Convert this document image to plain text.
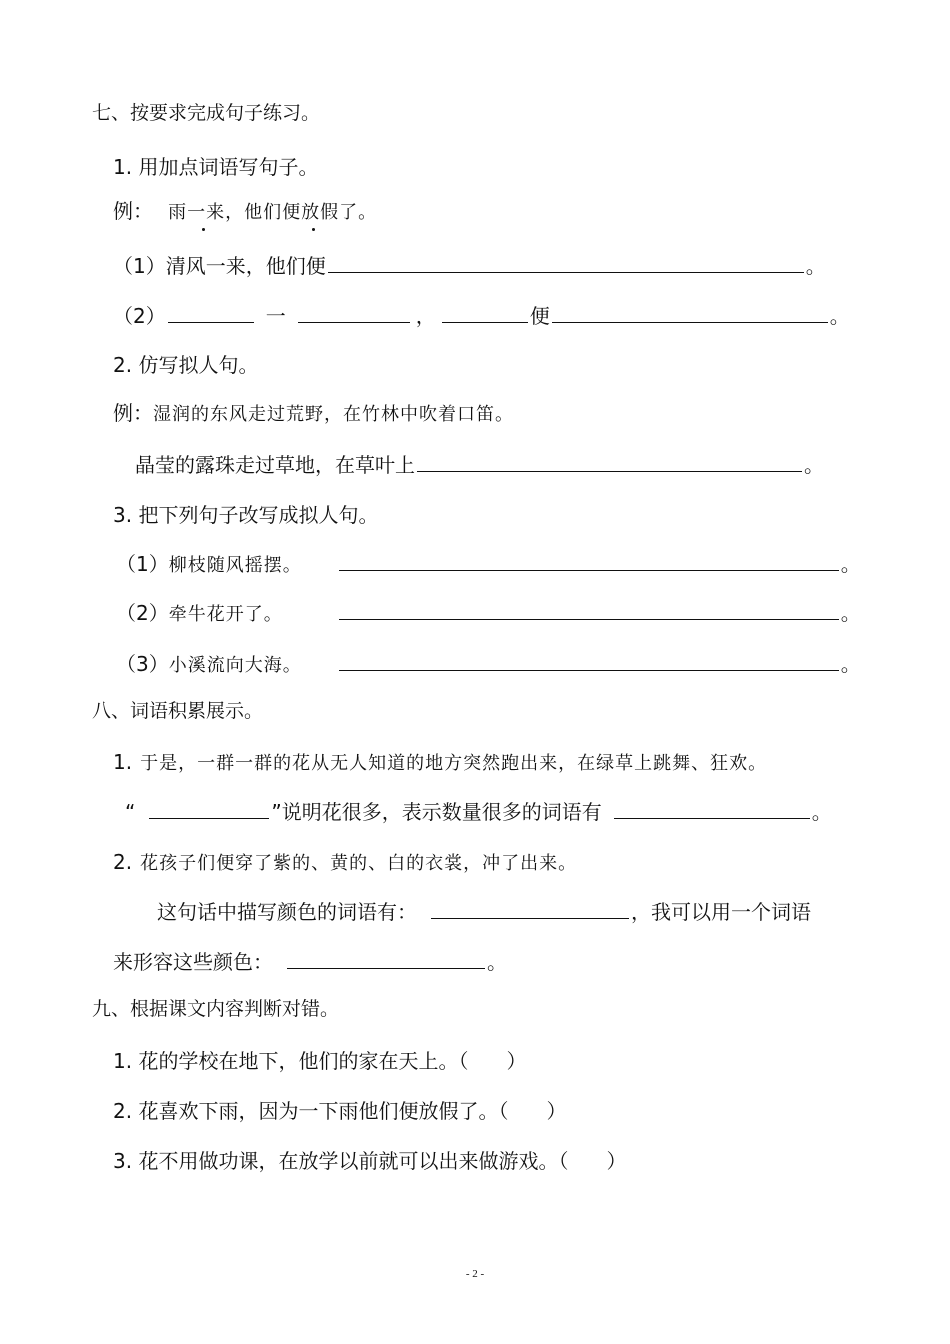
七、按要求完成句子练习。
1. 用加点词语写句子。
例： 雨一来，他们便放假了。
（1）清风一来，他们便	。
（2）	一	，	便	。
2. 仿写拟人句。
例：湿润的东风走过荒野，在竹林中吹着口笛。
晶莹的露珠走过草地，在草叶上	。
3. 把下列句子改写成拟人句。
（1）柳枝随风摇摆。	。
（2）牵牛花开了。	。
（3）小溪流向大海。	。
八、词语积累展示。
1. 于是，一群一群的花从无人知道的地方突然跑出来，在绿草上跳舞、狂欢。
“	”说明花很多，表示数量很多的词语有	。
2. 花孩子们便穿了紫的、黄的、白的衣裳，冲了出来。
这句话中描写颜色的词语有：	，我可以用一个词语
来形容这些颜色：	。
九、根据课文内容判断对错。
1. 花的学校在地下，他们的家在天上。（ ）
2. 花喜欢下雨，因为一下雨他们便放假了。（ ）
3. 花不用做功课，在放学以前就可以出来做游戏。（ ）
- 2 -
